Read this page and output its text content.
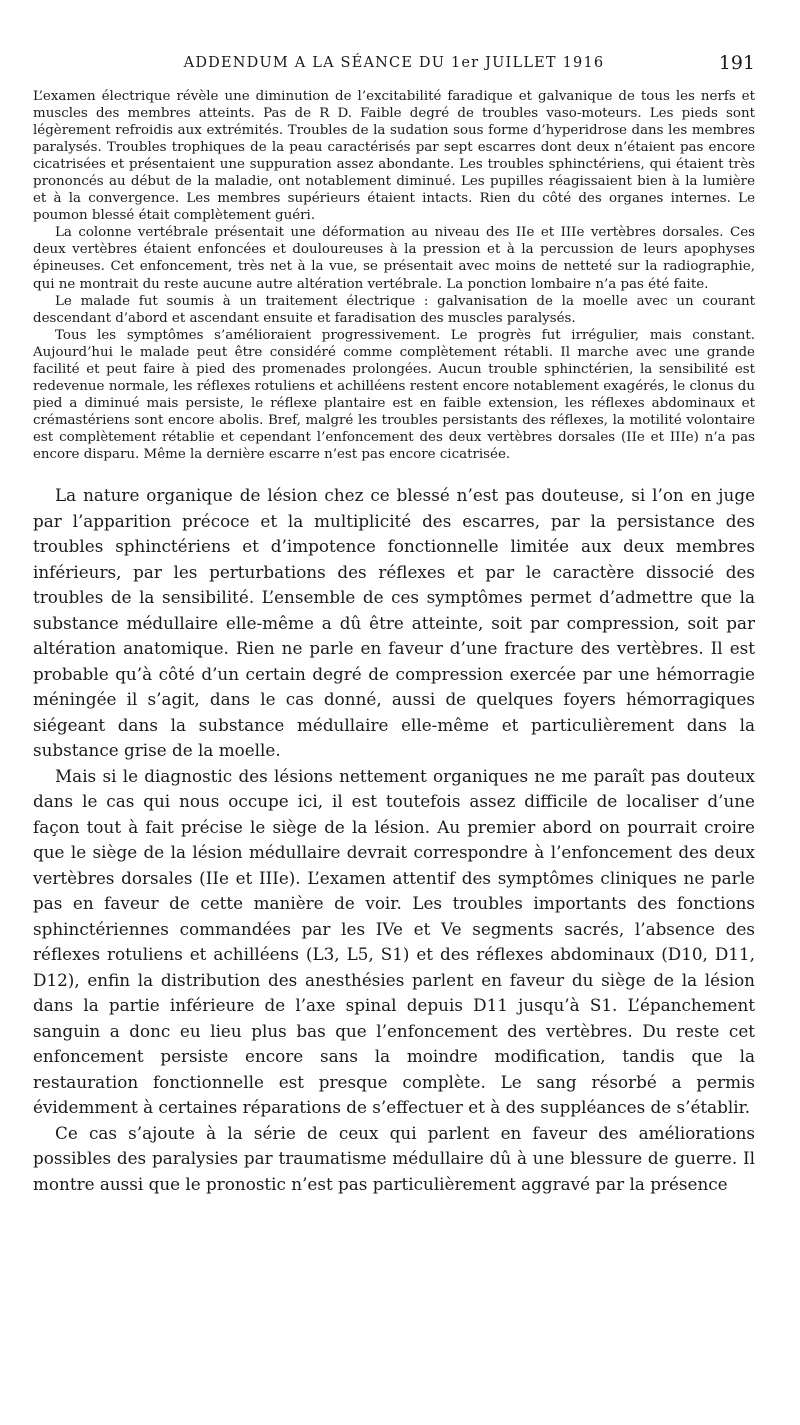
ADDENDUM A LA SÉANCE DU 1er JUILLET 1916	191

L’examen électrique révèle une diminution de l’excitabilité faradique et galvanique de tous les nerfs et muscles des membres atteints. Pas de R D. Faible degré de troubles vaso-moteurs. Les pieds sont légèrement refroidis aux extrémités. Troubles de la sudation sous forme d’hyperidrose dans les membres paralysés. Troubles trophiques de la peau caractérisés par sept escarres dont deux n’étaient pas encore cicatrisées et présentaient une suppuration assez abondante. Les troubles sphinctériens, qui étaient très prononcés au début de la maladie, ont notablement diminué. Les pupilles réagissaient bien à la lumière et à la convergence. Les membres supérieurs étaient intacts. Rien du côté des organes internes. Le poumon blessé était complètement guéri.

La colonne vertébrale présentait une déformation au niveau des IIe et IIIe vertèbres dorsales. Ces deux vertèbres étaient enfoncées et douloureuses à la pression et à la percussion de leurs apophyses épineuses. Cet enfoncement, très net à la vue, se présentait avec moins de netteté sur la radiographie, qui ne montrait du reste aucune autre altération vertébrale. La ponction lombaire n’a pas été faite.

Le malade fut soumis à un traitement électrique : galvanisation de la moelle avec un courant descendant d’abord et ascendant ensuite et faradisation des muscles paralysés.

Tous les symptômes s’amélioraient progressivement. Le progrès fut irrégulier, mais constant. Aujourd’hui le malade peut être considéré comme complètement rétabli. Il marche avec une grande facilité et peut faire à pied des promenades prolongées. Aucun trouble sphinctérien, la sensibilité est redevenue normale, les réflexes rotuliens et achilléens restent encore notablement exagérés, le clonus du pied a diminué mais persiste, le réflexe plantaire est en faible extension, les réflexes abdominaux et crémastériens sont encore abolis. Bref, malgré les troubles persistants des réflexes, la motilité volontaire est complètement rétablie et cependant l’enfoncement des deux vertèbres dorsales (IIe et IIIe) n’a pas encore disparu. Même la dernière escarre n’est pas encore cicatrisée.

La nature organique de lésion chez ce blessé n’est pas douteuse, si l’on en juge par l’apparition précoce et la multiplicité des escarres, par la persistance des troubles sphinctériens et d’impotence fonctionnelle limitée aux deux membres inférieurs, par les perturbations des réflexes et par le caractère dissocié des troubles de la sensibilité. L’ensemble de ces symptômes permet d’admettre que la substance médullaire elle-même a dû être atteinte, soit par compression, soit par altération anatomique. Rien ne parle en faveur d’une fracture des vertèbres. Il est probable qu’à côté d’un certain degré de compression exercée par une hémorragie méningée il s’agit, dans le cas donné, aussi de quelques foyers hémorragiques siégeant dans la substance médullaire elle-même et particulièrement dans la substance grise de la moelle.

Mais si le diagnostic des lésions nettement organiques ne me paraît pas douteux dans le cas qui nous occupe ici, il est toutefois assez difficile de localiser d’une façon tout à fait précise le siège de la lésion. Au premier abord on pourrait croire que le siège de la lésion médullaire devrait correspondre à l’enfoncement des deux vertèbres dorsales (IIe et IIIe). L’examen attentif des symptômes cliniques ne parle pas en faveur de cette manière de voir. Les troubles importants des fonctions sphinctériennes commandées par les IVe et Ve segments sacrés, l’absence des réflexes rotuliens et achilléens (L3, L5, S1) et des réflexes abdominaux (D10, D11, D12), enfin la distribution des anesthésies parlent en faveur du siège de la lésion dans la partie inférieure de l’axe spinal depuis D11 jusqu’à S1. L’épanchement sanguin a donc eu lieu plus bas que l’enfoncement des vertèbres. Du reste cet enfoncement persiste encore sans la moindre modification, tandis que la restauration fonctionnelle est presque complète. Le sang résorbé a permis évidemment à certaines réparations de s’effectuer et à des suppléances de s’établir.

Ce cas s’ajoute à la série de ceux qui parlent en faveur des améliorations possibles des paralysies par traumatisme médullaire dû à une blessure de guerre. Il montre aussi que le pronostic n’est pas particulièrement aggravé par la présence
